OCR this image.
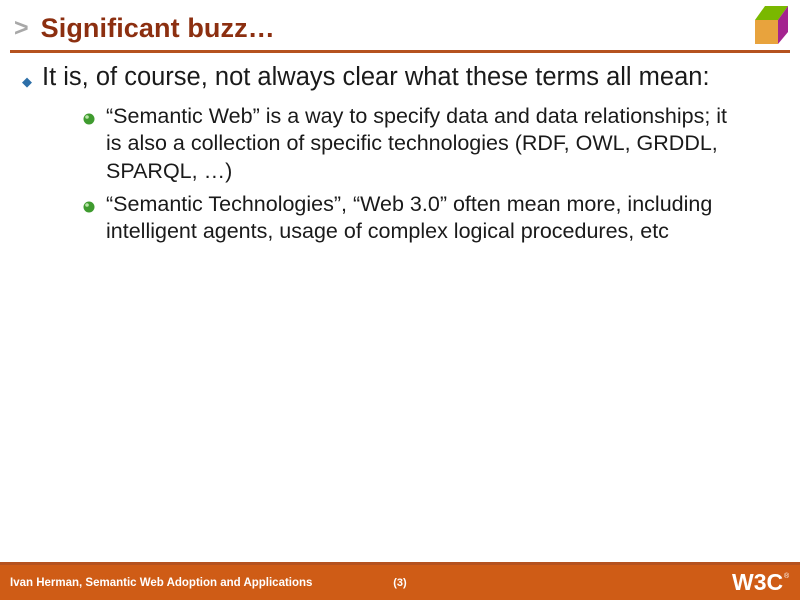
> Significant buzz…
◆ It is, of course, not always clear what these terms all mean:
“Semantic Web” is a way to specify data and data relationships; it is also a collection of specific technologies (RDF, OWL, GRDDL, SPARQL, …)
“Semantic Technologies”, “Web 3.0” often mean more, including intelligent agents, usage of complex logical procedures, etc
Ivan Herman, Semantic Web Adoption and Applications	(3)	W3C ®
